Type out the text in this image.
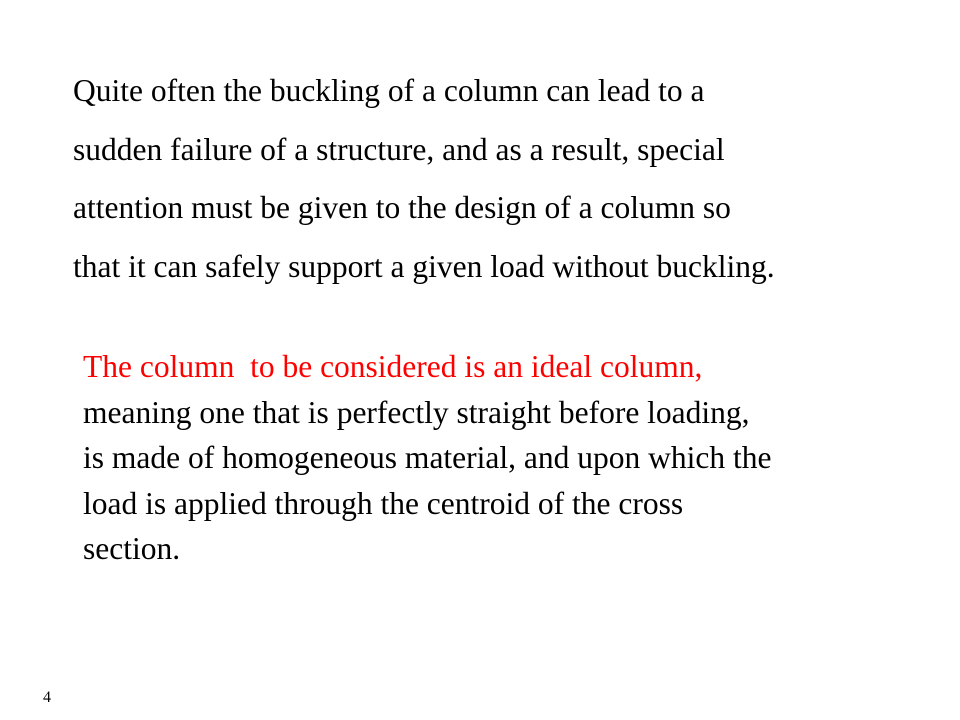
Quite often the buckling of a column can lead to a
sudden failure of a structure, and as a result, special
attention must be given to the design of a column so
that it can safely support a given load without buckling.
The column  to be considered is an ideal column,
meaning one that is perfectly straight before loading,
is made of homogeneous material, and upon which the
load is applied through the centroid of the cross
section.
4
